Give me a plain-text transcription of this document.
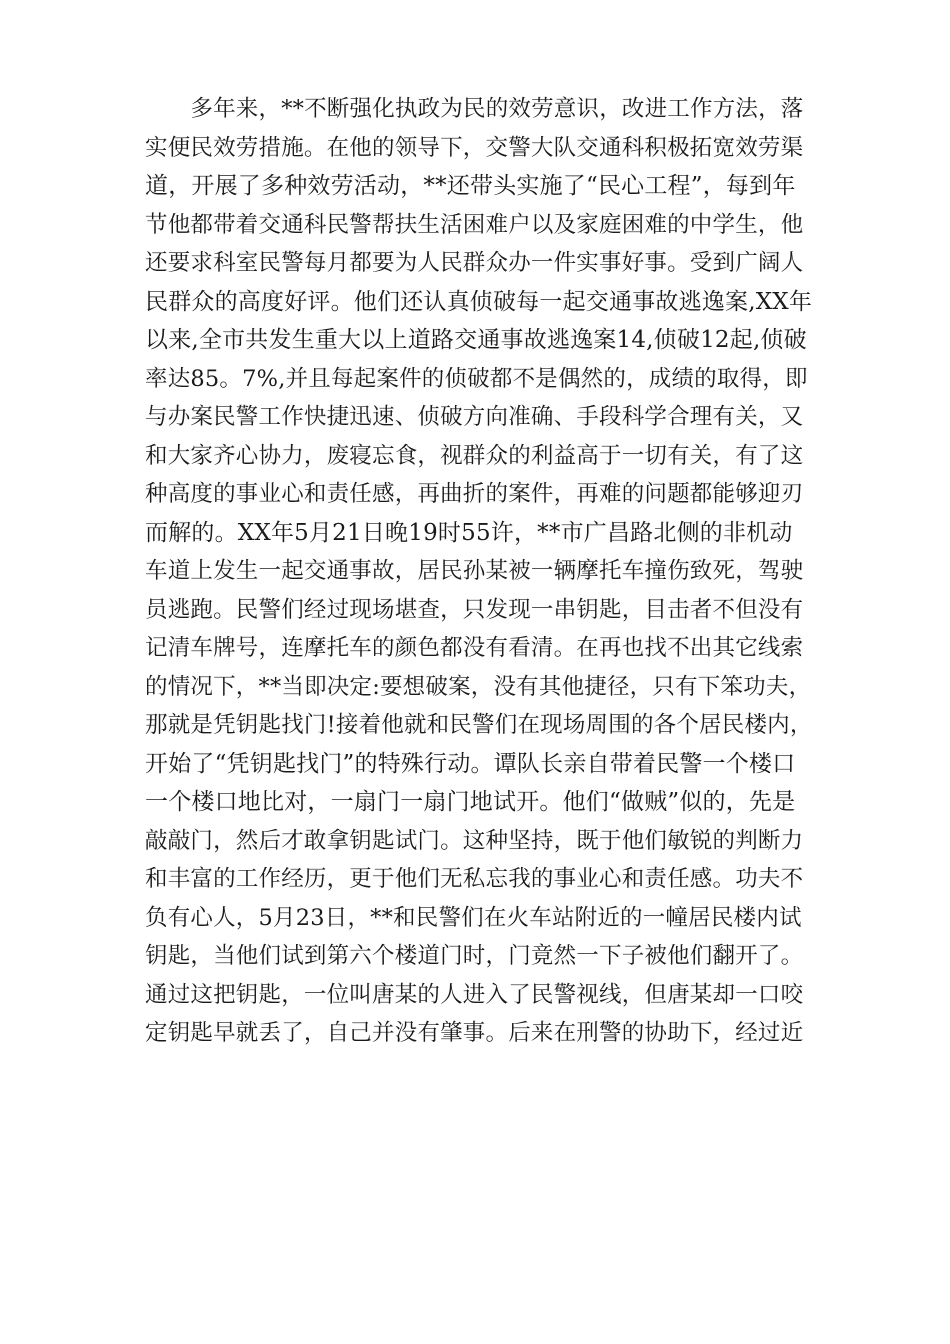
　　多年来，**不断强化执政为民的效劳意识，改进工作方法，落
实便民效劳措施。在他的领导下，交警大队交通科积极拓宽效劳渠
道，开展了多种效劳活动，**还带头实施了“民心工程”，每到年
节他都带着交通科民警帮扶生活困难户以及家庭困难的中学生，他
还要求科室民警每月都要为人民群众办一件实事好事。受到广阔人
民群众的高度好评。他们还认真侦破每一起交通事故逃逸案,XX年
以来,全市共发生重大以上道路交通事故逃逸案14,侦破12起,侦破
率达85。7%,并且每起案件的侦破都不是偶然的，成绩的取得，即
与办案民警工作快捷迅速、侦破方向准确、手段科学合理有关，又
和大家齐心协力，废寝忘食，视群众的利益高于一切有关，有了这
种高度的事业心和责任感，再曲折的案件，再难的问题都能够迎刃
而解的。XX年5月21日晚19时55许，**市广昌路北侧的非机动
车道上发生一起交通事故，居民孙某被一辆摩托车撞伤致死，驾驶
员逃跑。民警们经过现场堪查，只发现一串钥匙，目击者不但没有
记清车牌号，连摩托车的颜色都没有看清。在再也找不出其它线索
的情况下，**当即决定:要想破案，没有其他捷径，只有下笨功夫，
那就是凭钥匙找门!接着他就和民警们在现场周围的各个居民楼内，
开始了“凭钥匙找门”的特殊行动。谭队长亲自带着民警一个楼口
一个楼口地比对，一扇门一扇门地试开。他们“做贼”似的，先是
敲敲门，然后才敢拿钥匙试门。这种坚持，既于他们敏锐的判断力
和丰富的工作经历，更于他们无私忘我的事业心和责任感。功夫不
负有心人，5月23日，**和民警们在火车站附近的一幢居民楼内试
钥匙，当他们试到第六个楼道门时，门竟然一下子被他们翻开了。
通过这把钥匙，一位叫唐某的人进入了民警视线，但唐某却一口咬
定钥匙早就丢了，自己并没有肇事。后来在刑警的协助下，经过近
